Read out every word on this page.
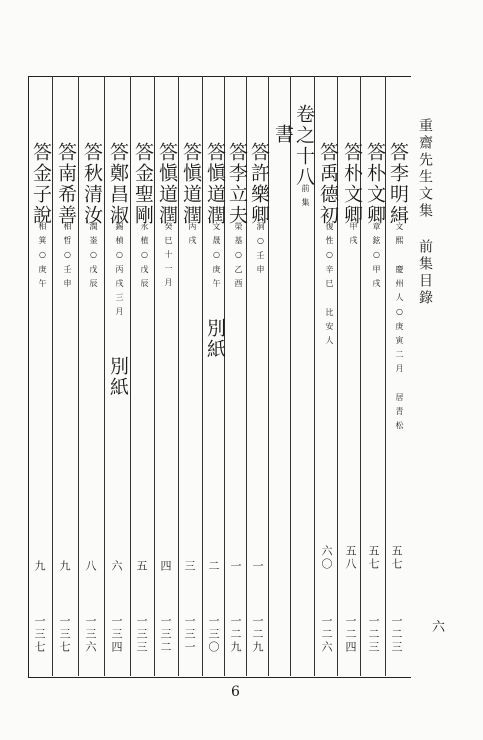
重齋先生文集 前集目錄
六
答李明緝
文熙 慶州人○庚寅二月 居青松
五七
一二三
答朴文卿
章鉉○甲戌
五七
一二三
答朴文卿
甲戌
五八
一二四
答禹德初
復性○辛巳 比安人
六〇
一二六
卷之十八
前集
書
答許樂卿
洞○壬申
一
一二九
答李立夫
榮基○乙酉
一
一二九
答愼道潤
文晟○庚午
別紙
二
一三〇
答愼道潤
丙戌
三
一三一
答愼道潤
癸巳十一月
四
一三二
答金聖剛
永植○戊辰
五
一三三
答鄭昌淑
錫楨○丙戌三月
別紙
六
一三四
答秋清汝
潤崟○戊辰
八
一三六
答南希善
相哲○壬申
九
一三七
答金子說
相箕○庚午
九
一三七
6
